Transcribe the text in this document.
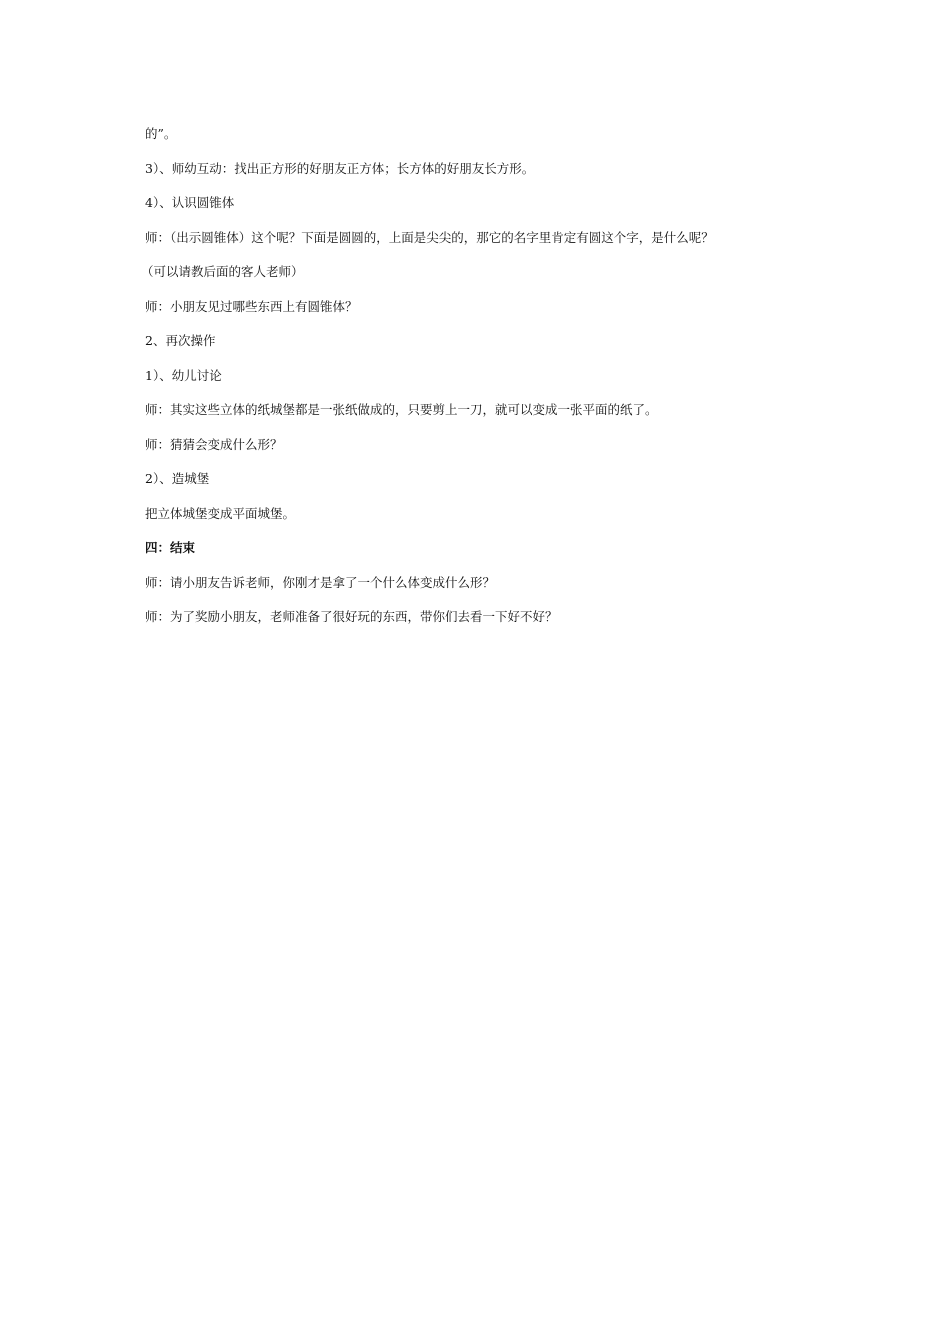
的”。

3）、师幼互动：找出正方形的好朋友正方体；长方体的好朋友长方形。

4）、认识圆锥体

师：（出示圆锥体）这个呢？下面是圆圆的，上面是尖尖的，那它的名字里肯定有圆这个字，是什么呢？

（可以请教后面的客人老师）

师：小朋友见过哪些东西上有圆锥体？

2、再次操作

1）、幼儿讨论

师：其实这些立体的纸城堡都是一张纸做成的，只要剪上一刀，就可以变成一张平面的纸了。

师：猜猜会变成什么形？

2）、造城堡

把立体城堡变成平面城堡。

四：结束

师：请小朋友告诉老师，你刚才是拿了一个什么体变成什么形？

师：为了奖励小朋友，老师准备了很好玩的东西，带你们去看一下好不好？
